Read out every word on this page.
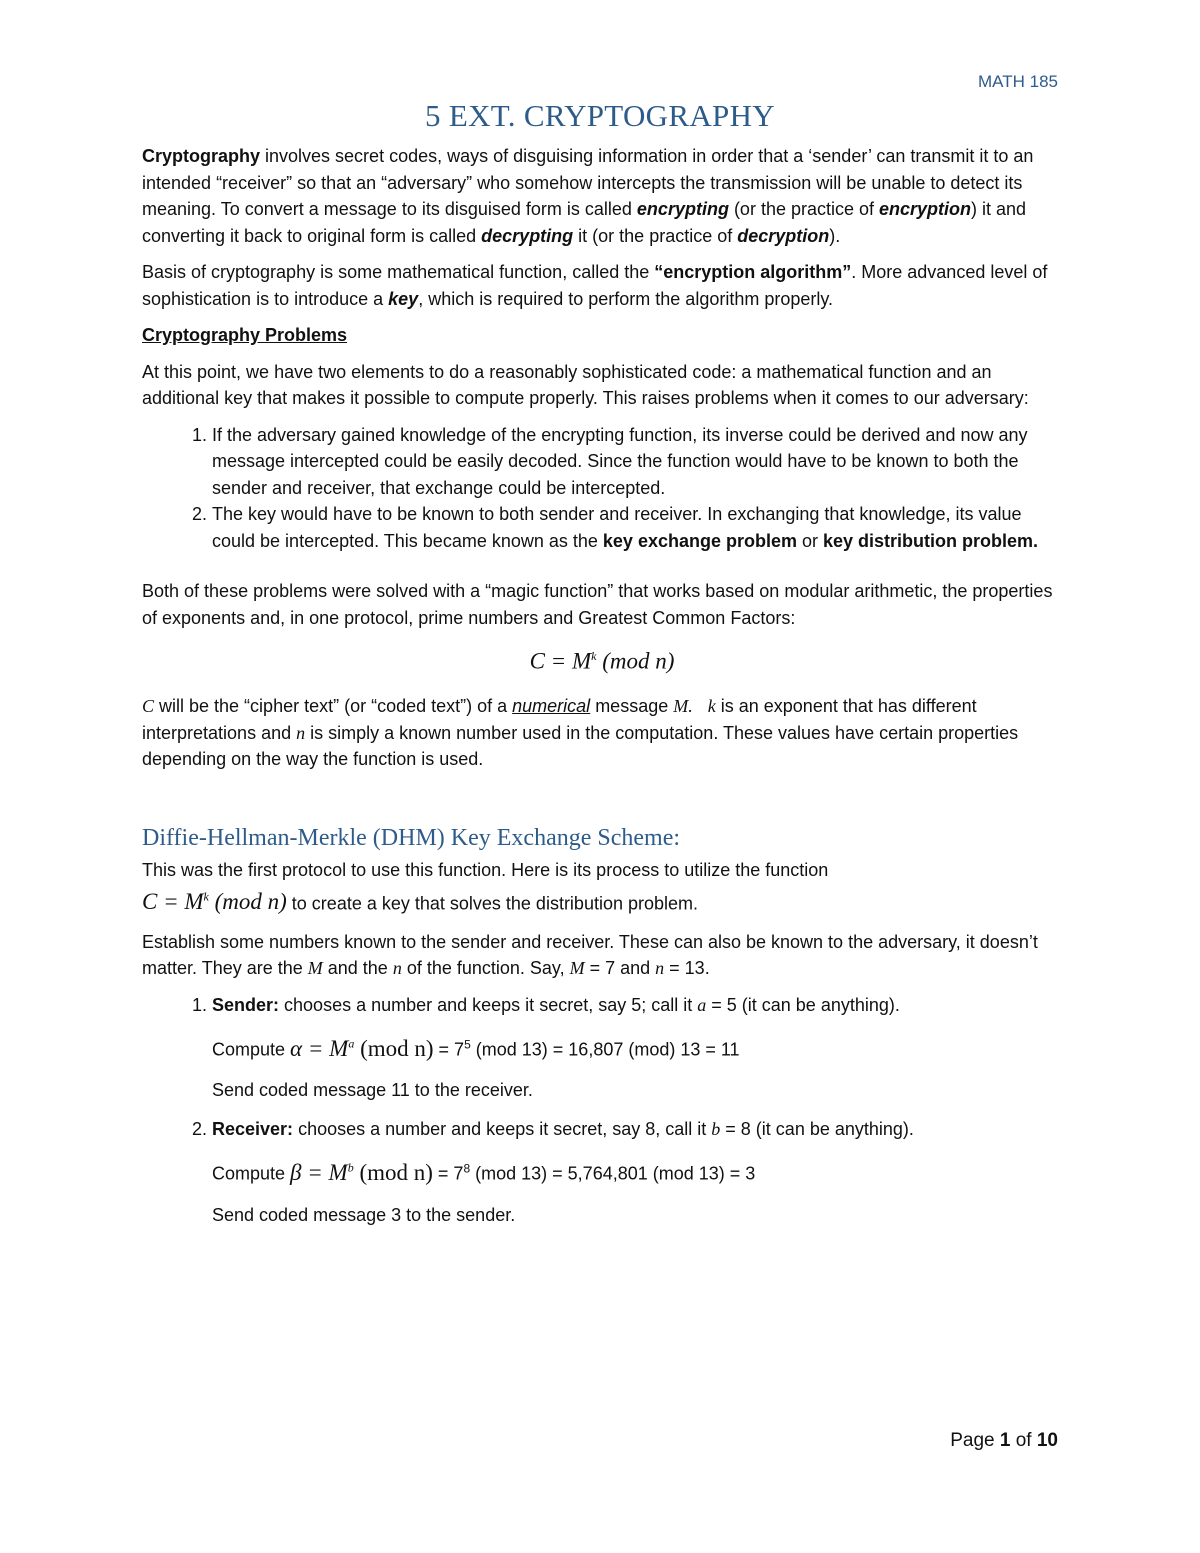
MATH 185
5 EXT. CRYPTOGRAPHY

Cryptography involves secret codes, ways of disguising information in order that a ‘sender’ can transmit it to an intended “receiver” so that an “adversary” who somehow intercepts the transmission will be unable to detect its meaning. To convert a message to its disguised form is called encrypting (or the practice of encryption) it and converting it back to original form is called decrypting it (or the practice of decryption).

Basis of cryptography is some mathematical function, called the “encryption algorithm”. More advanced level of sophistication is to introduce a key, which is required to perform the algorithm properly.

Cryptography Problems

At this point, we have two elements to do a reasonably sophisticated code: a mathematical function and an additional key that makes it possible to compute properly. This raises problems when it comes to our adversary:

1. If the adversary gained knowledge of the encrypting function, its inverse could be derived and now any message intercepted could be easily decoded. Since the function would have to be known to both the sender and receiver, that exchange could be intercepted.
2. The key would have to be known to both sender and receiver. In exchanging that knowledge, its value could be intercepted. This became known as the key exchange problem or key distribution problem.

Both of these problems were solved with a “magic function” that works based on modular arithmetic, the properties of exponents and, in one protocol, prime numbers and Greatest Common Factors:

$C = M^k$ (mod n)

C will be the “cipher text” (or “coded text”) of a numerical message M. k is an exponent that has different interpretations and n is simply a known number used in the computation. These values have certain properties depending on the way the function is used.

Diffie-Hellman-Merkle (DHM) Key Exchange Scheme:

This was the first protocol to use this function. Here is its process to utilize the function
$C = M^k$ (mod n) to create a key that solves the distribution problem.

Establish some numbers known to the sender and receiver. These can also be known to the adversary, it doesn’t matter. They are the M and the n of the function. Say, M = 7 and n = 13.

1. Sender: chooses a number and keeps it secret, say 5; call it a = 5 (it can be anything).
Compute $\alpha = M^a$ (mod $n) = 7^5$ (mod 13) = 16,807 (mod) 13 = 11
Send coded message 11 to the receiver.
2. Receiver: chooses a number and keeps it secret, say 8, call it b = 8 (it can be anything).
Compute $\beta = M^b$ (mod $n) = 7^8$ (mod 13) = 5,764,801 (mod 13) = 3
Send coded message 3 to the sender.
Page 1 of 10
